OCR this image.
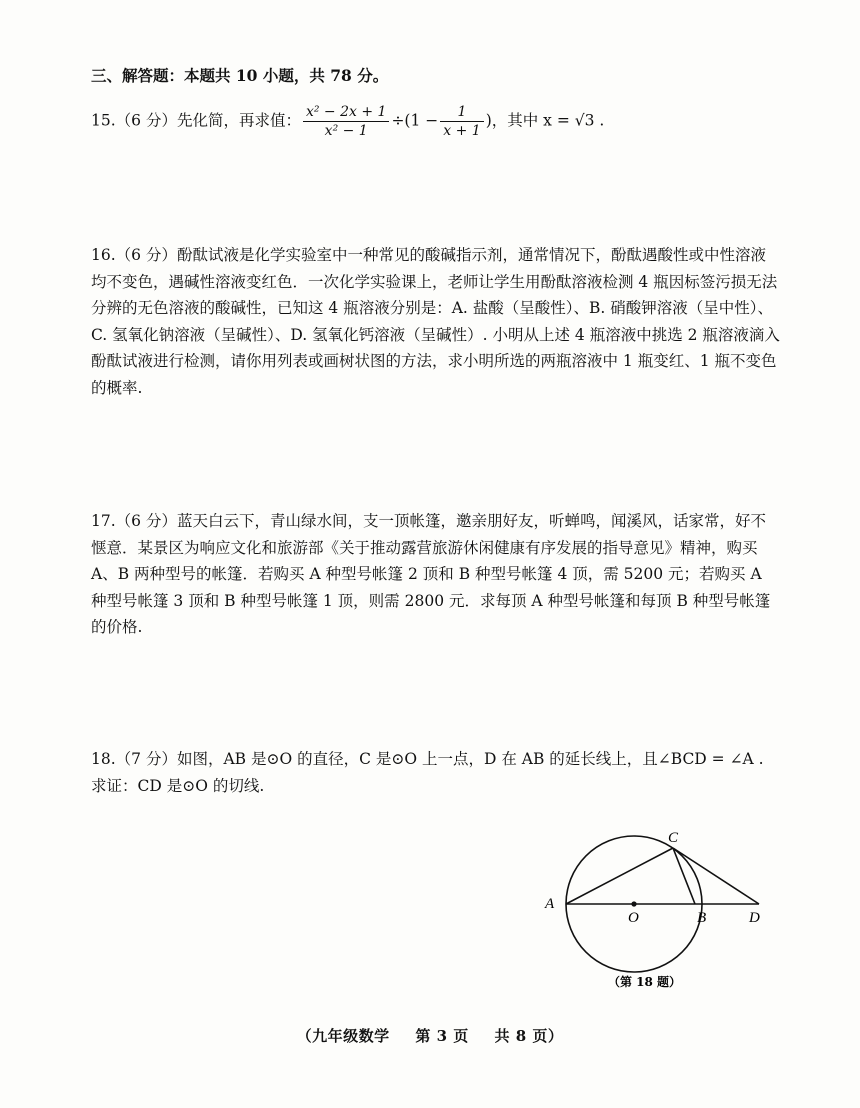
三、解答题：本题共 10 小题，共 78 分。
15.（6 分）先化简，再求值： $\frac{\text{x² − 2x + 1}}{\text{x² − 1}} \div(1 - \frac{1}{x + 1}$ )，其中 x = √3 .
16.（6 分）酚酞试液是化学实验室中一种常见的酸碱指示剂，通常情况下，酚酞遇酸性或中性溶液均不变色，遇碱性溶液变红色．一次化学实验课上，老师让学生用酚酞溶液检测 4 瓶因标签污损无法分辨的无色溶液的酸碱性，已知这 4 瓶溶液分别是：A. 盐酸（呈酸性）、B. 硝酸钾溶液（呈中性）、C. 氢氧化钠溶液（呈碱性）、D. 氢氧化钙溶液（呈碱性）. 小明从上述 4 瓶溶液中挑选 2 瓶溶液滴入酚酞试液进行检测，请你用列表或画树状图的方法，求小明所选的两瓶溶液中 1 瓶变红、1 瓶不变色的概率.
17.（6 分）蓝天白云下，青山绿水间，支一顶帐篷，邀亲朋好友，听蝉鸣，闻溪风，话家常，好不惬意．某景区为响应文化和旅游部《关于推动露营旅游休闲健康有序发展的指导意见》精神，购买 A、B 两种型号的帐篷．若购买 A 种型号帐篷 2 顶和 B 种型号帐篷 4 顶，需 5200 元；若购买 A 种型号帐篷 3 顶和 B 种型号帐篷 1 顶，则需 2800 元．求每顶 A 种型号帐篷和每顶 B 种型号帐篷的价格.
18.（7 分）如图，AB 是⊙O 的直径，C 是⊙O 上一点，D 在 AB 的延长线上，且∠BCD = ∠A .
求证：CD 是⊙O 的切线.
A
B
C
D
O
（第 18 题）
（九年级数学 第 3 页 共 8 页）
